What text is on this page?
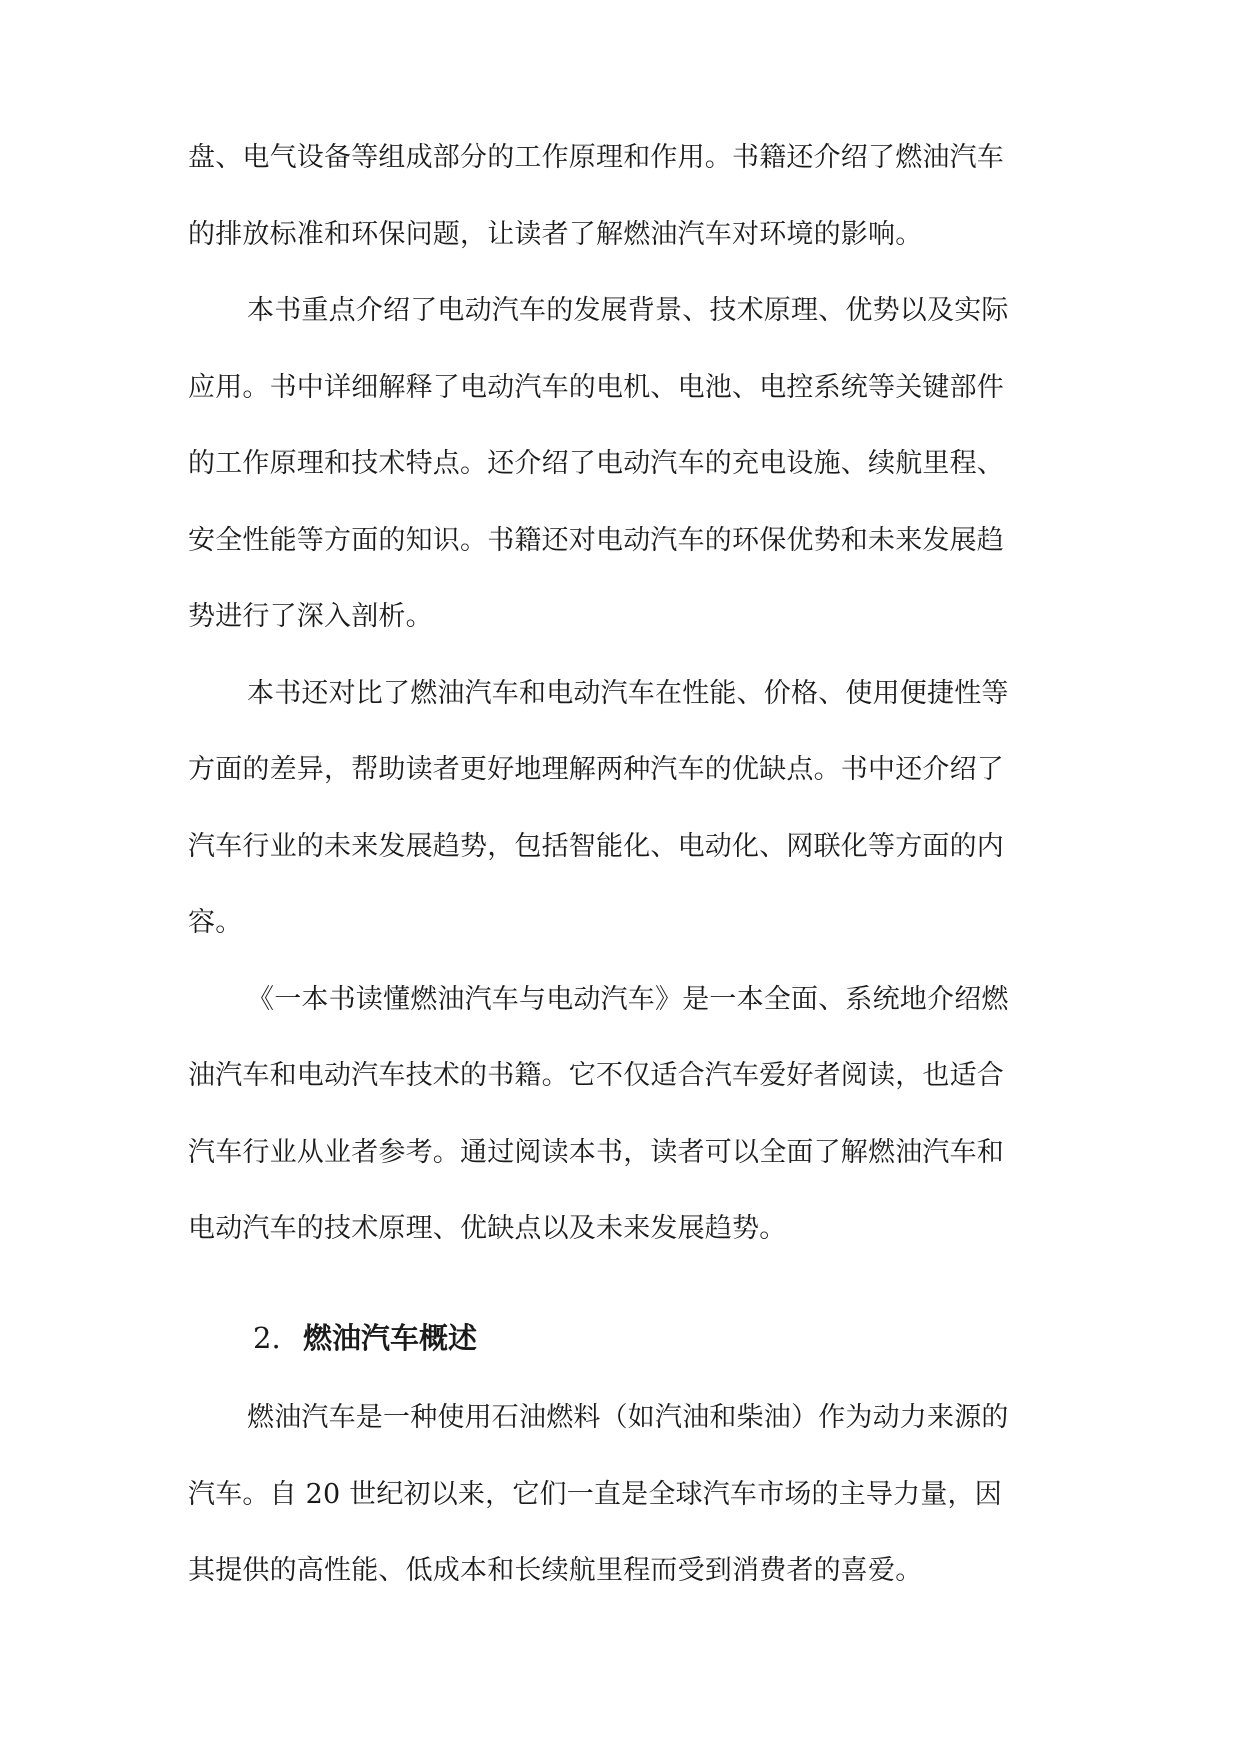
盘、电气设备等组成部分的工作原理和作用。书籍还介绍了燃油汽车
的排放标准和环保问题，让读者了解燃油汽车对环境的影响。
本书重点介绍了电动汽车的发展背景、技术原理、优势以及实际
应用。书中详细解释了电动汽车的电机、电池、电控系统等关键部件
的工作原理和技术特点。还介绍了电动汽车的充电设施、续航里程、
安全性能等方面的知识。书籍还对电动汽车的环保优势和未来发展趋
势进行了深入剖析。
本书还对比了燃油汽车和电动汽车在性能、价格、使用便捷性等
方面的差异，帮助读者更好地理解两种汽车的优缺点。书中还介绍了
汽车行业的未来发展趋势，包括智能化、电动化、网联化等方面的内
容。
《一本书读懂燃油汽车与电动汽车》是一本全面、系统地介绍燃
油汽车和电动汽车技术的书籍。它不仅适合汽车爱好者阅读，也适合
汽车行业从业者参考。通过阅读本书，读者可以全面了解燃油汽车和
电动汽车的技术原理、优缺点以及未来发展趋势。
2. 燃油汽车概述
燃油汽车是一种使用石油燃料（如汽油和柴油）作为动力来源的
汽车。自 20 世纪初以来，它们一直是全球汽车市场的主导力量，因
其提供的高性能、低成本和长续航里程而受到消费者的喜爱。
